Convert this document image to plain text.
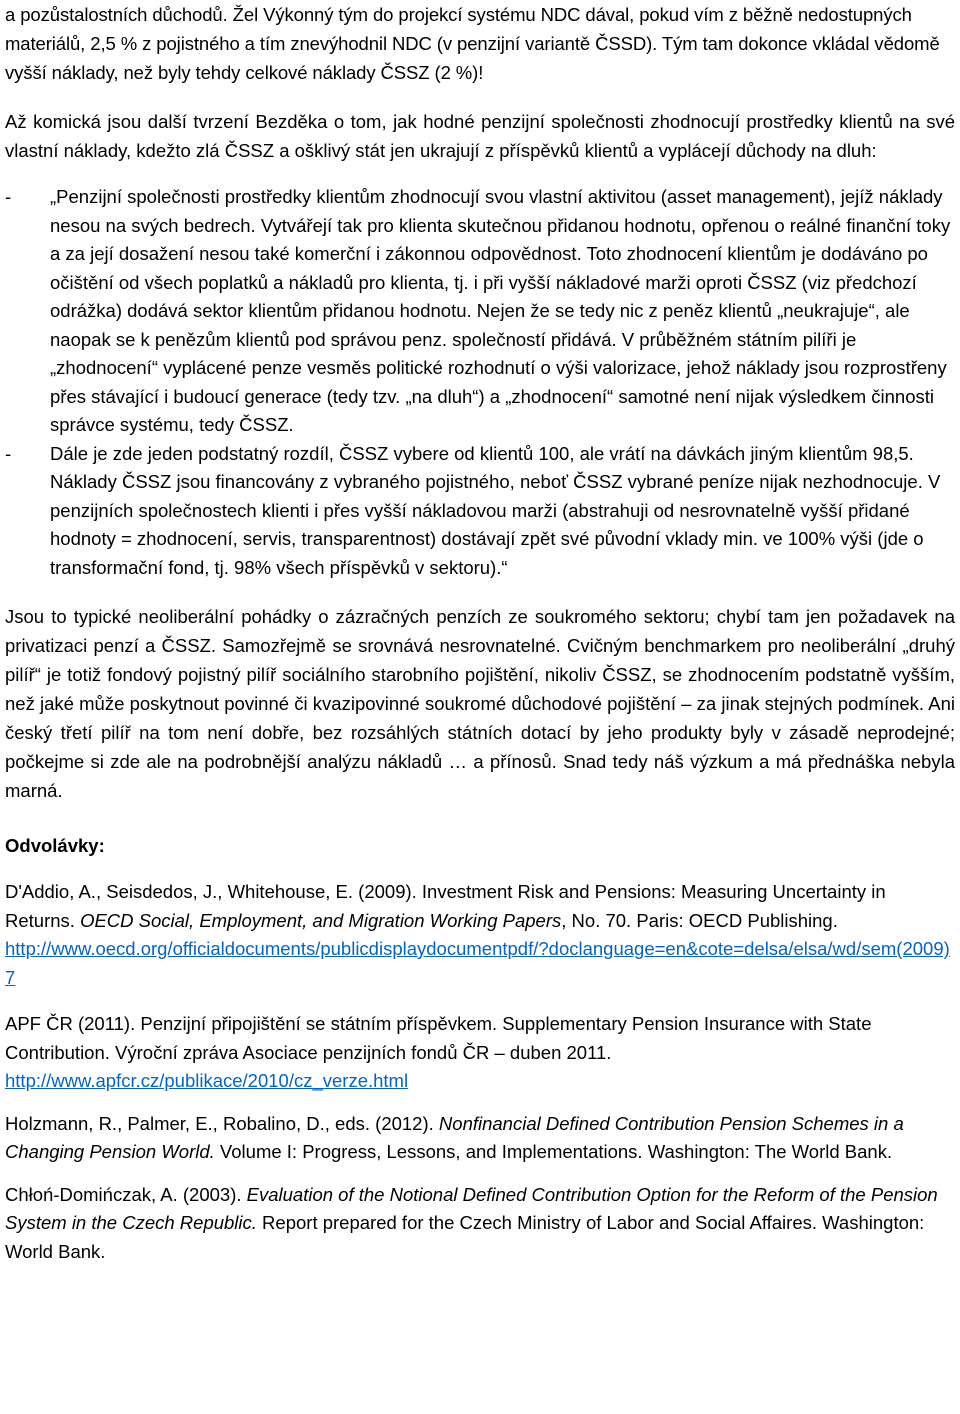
a pozůstalostních důchodů. Žel Výkonný tým do projekcí systému NDC dával, pokud vím z běžně nedostupných materiálů, 2,5 % z pojistného a tím znevýhodnil NDC (v penzijní variantě ČSSD). Tým tam dokonce vkládal vědomě vyšší náklady, než byly tehdy celkové náklady ČSSZ (2 %)!

Až komická jsou další tvrzení Bezděka o tom, jak hodné penzijní společnosti zhodnocují prostředky klientů na své vlastní náklady, kdežto zlá ČSSZ a ošklivý stát jen ukrajují z příspěvků klientů a vyplácejí důchody na dluh:

-	„Penzijní společnosti prostředky klientům zhodnocují svou vlastní aktivitou (asset management), jejíž náklady nesou na svých bedrech. Vytvářejí tak pro klienta skutečnou přidanou hodnotu, opřenou o reálné finanční toky a za její dosažení nesou také komerční i zákonnou odpovědnost. Toto zhodnocení klientům je dodáváno po očištění od všech poplatků a nákladů pro klienta, tj. i při vyšší nákladové marži oproti ČSSZ (viz předchozí odrážka) dodává sektor klientům přidanou hodnotu. Nejen že se tedy nic z peněz klientů „neukrajuje“, ale naopak se k penězům klientů pod správou penz. společností přidává. V průběžném státním pilíři je „zhodnocení“ vyplácené penze vesměs politické rozhodnutí o výši valorizace, jehož náklady jsou rozprostřeny přes stávající i budoucí generace (tedy tzv. „na dluh“) a „zhodnocení“ samotné není nijak výsledkem činnosti správce systému, tedy ČSSZ.
-	Dále je zde jeden podstatný rozdíl, ČSSZ vybere od klientů 100, ale vrátí na dávkách jiným klientům 98,5. Náklady ČSSZ jsou financovány z vybraného pojistného, neboť ČSSZ vybrané peníze nijak nezhodnocuje. V penzijních společnostech klienti i přes vyšší nákladovou marži (abstrahuji od nesrovnatelně vyšší přidané hodnoty = zhodnocení, servis, transparentnost) dostávají zpět své původní vklady min. ve 100% výši (jde o transformační fond, tj. 98% všech příspěvků v sektoru).“

Jsou to typické neoliberální pohádky o zázračných penzích ze soukromého sektoru; chybí tam jen požadavek na privatizaci penzí a ČSSZ. Samozřejmě se srovnává nesrovnatelné. Cvičným benchmarkem pro neoliberální „druhý pilíř“ je totiž fondový pojistný pilíř sociálního starobního pojištění, nikoliv ČSSZ, se zhodnocením podstatně vyšším, než jaké může poskytnout povinné či kvazipovinné soukromé důchodové pojištění – za jinak stejných podmínek. Ani český třetí pilíř na tom není dobře, bez rozsáhlých státních dotací by jeho produkty byly v zásadě neprodejné; počkejme si zde ale na podrobnější analýzu nákladů … a přínosů. Snad tedy náš výzkum a má přednáška nebyla marná.

Odvolávky:

D'Addio, A., Seisdedos, J., Whitehouse, E. (2009). Investment Risk and Pensions: Measuring Uncertainty in Returns. OECD Social, Employment, and Migration Working Papers, No. 70. Paris: OECD Publishing.
http://www.oecd.org/officialdocuments/publicdisplaydocumentpdf/?doclanguage=en&cote=delsa/elsa/wd/sem(2009)7

APF ČR (2011). Penzijní připojištění se státním příspěvkem. Supplementary Pension Insurance with State Contribution. Výroční zpráva Asociace penzijních fondů ČR – duben 2011.
http://www.apfcr.cz/publikace/2010/cz_verze.html

Holzmann, R., Palmer, E., Robalino, D., eds. (2012). Nonfinancial Defined Contribution Pension Schemes in a Changing Pension World. Volume I: Progress, Lessons, and Implementations. Washington: The World Bank.

Chłoń-Domińczak, A. (2003). Evaluation of the Notional Defined Contribution Option for the Reform of the Pension System in the Czech Republic. Report prepared for the Czech Ministry of Labor and Social Affaires. Washington: World Bank.
